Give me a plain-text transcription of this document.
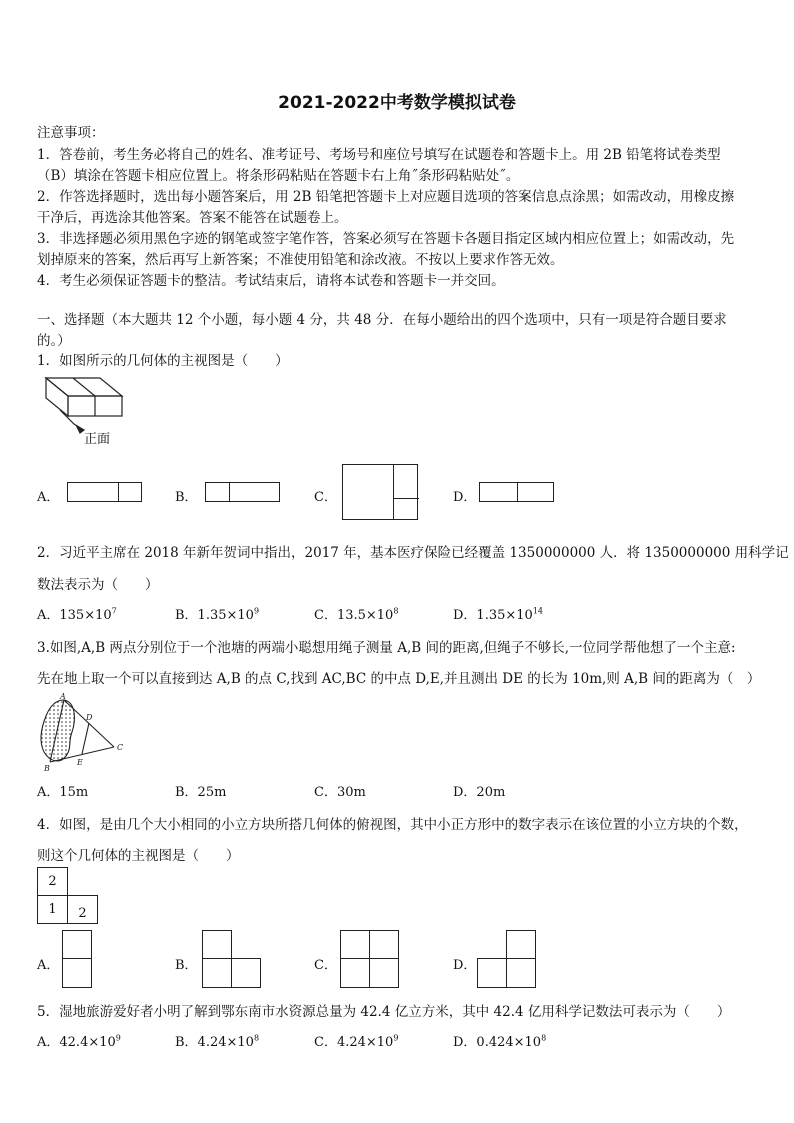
2021-2022中考数学模拟试卷
注意事项：
1．答卷前，考生务必将自己的姓名、准考证号、考场号和座位号填写在试题卷和答题卡上。用 2B 铅笔将试卷类型
（B）填涂在答题卡相应位置上。将条形码粘贴在答题卡右上角˝条形码粘贴处˝。
2．作答选择题时，选出每小题答案后，用 2B 铅笔把答题卡上对应题目选项的答案信息点涂黑；如需改动，用橡皮擦
干净后，再选涂其他答案。答案不能答在试题卷上。
3．非选择题必须用黑色字迹的钢笔或签字笔作答，答案必须写在答题卡各题目指定区域内相应位置上；如需改动，先
划掉原来的答案，然后再写上新答案；不准使用铅笔和涂改液。不按以上要求作答无效。
4．考生必须保证答题卡的整洁。考试结束后，请将本试卷和答题卡一并交回。
一、选择题（本大题共 12 个小题，每小题 4 分，共 48 分．在每小题给出的四个选项中，只有一项是符合题目要求
的。）
1．如图所示的几何体的主视图是（　　）
正面
A．	B．	C．	D．
2．习近平主席在 2018 年新年贺词中指出，2017 年，基本医疗保险已经覆盖 1350000000 人．将 1350000000 用科学记
数法表示为（　　）
A．$135\times 10^7$	B．$1.35\times 10^9$	C．$13.5\times 10^8$	D．$1.35\times 10^{14}$
3.如图,A,B 两点分别位于一个池塘的两端小聪想用绳子测量 A,B 间的距离,但绳子不够长,一位同学帮他想了一个主意:
先在地上取一个可以直接到达 A,B 的点 C,找到 AC,BC 的中点 D,E,并且测出 DE 的长为 10m,则 A,B 间的距离为（　）
A
B
C
D
E
A．15m	B．25m	C．30m	D．20m
4．如图，是由几个大小相同的小立方块所搭几何体的俯视图，其中小正方形中的数字表示在该位置的小立方块的个数，
则这个几何体的主视图是（　　）
2
1	2
A．	B．	C．	D．
5．湿地旅游爱好者小明了解到鄂东南市水资源总量为 42.4 亿立方米，其中 42.4 亿用科学记数法可表示为（　　）
A．$42.4\times 10^9$	B．$4.24\times 10^8$	C．$4.24\times 10^9$	D．$0.424\times 10^8$
